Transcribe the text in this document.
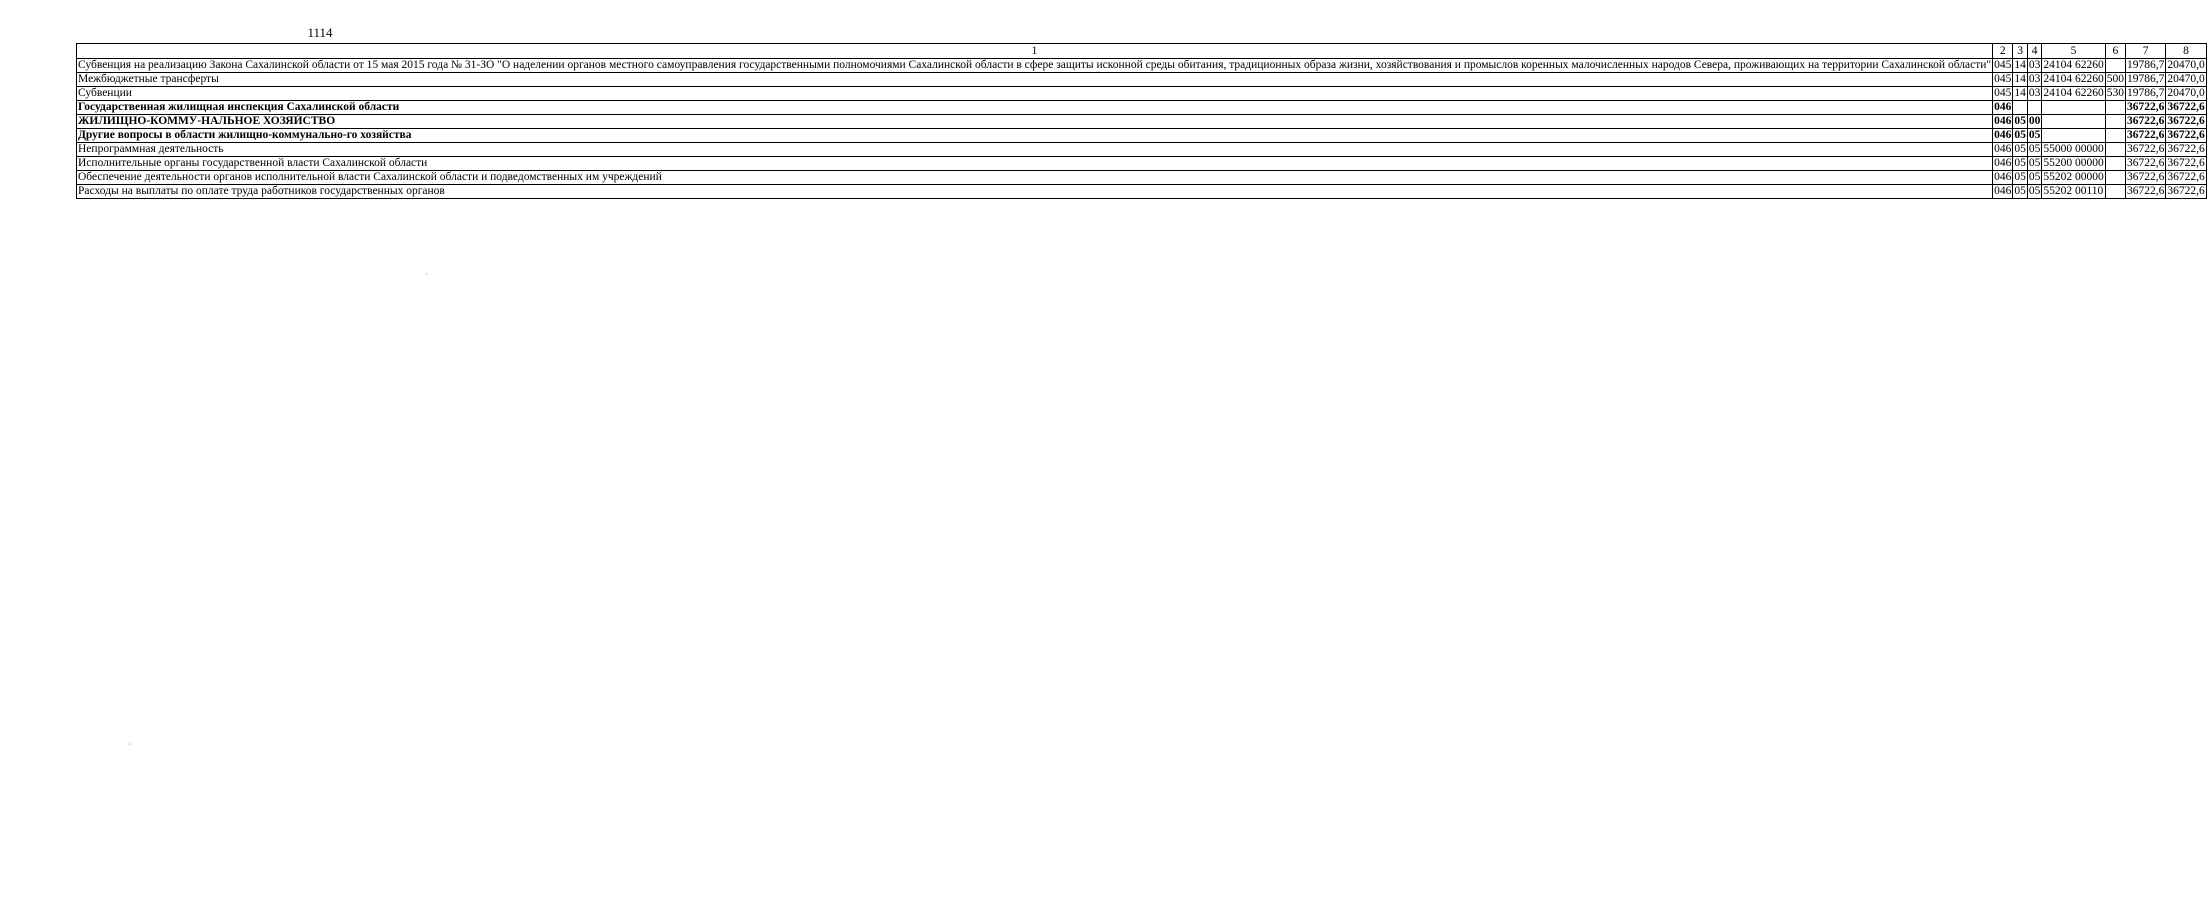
1114
1	2	3	4	5	6	7	8
Субвенция на реализацию Закона Сахалинской области от 15 мая 2015 года № 31-ЗО "О наделении органов местного самоуправления государственными полномочиями Сахалинской области в сфере защиты исконной среды обитания, традиционных образа жизни, хозяйствования и промыслов коренных малочисленных народов Севера, проживающих на территории Сахалинской области"	045	14	03	24104 62260		19786,7	20470,0
Межбюджетные трансферты	045	14	03	24104 62260	500	19786,7	20470,0
Субвенции	045	14	03	24104 62260	530	19786,7	20470,0
Государственная жилищная инспекция Сахалинской области	046					36722,6	36722,6
ЖИЛИЩНО-КОММУ-НАЛЬНОЕ ХОЗЯЙСТВО	046	05	00			36722,6	36722,6
Другие вопросы в области жилищно-коммунально-го хозяйства	046	05	05			36722,6	36722,6
Непрограммная деятельность	046	05	05	55000 00000		36722,6	36722,6
Исполнительные органы государственной власти Сахалинской области	046	05	05	55200 00000		36722,6	36722,6
Обеспечение деятельности органов исполнительной власти Сахалинской области и подведомственных им учреждений	046	05	05	55202 00000		36722,6	36722,6
Расходы на выплаты по оплате труда работников государственных органов	046	05	05	55202 00110		36722,6	36722,6
·
·
